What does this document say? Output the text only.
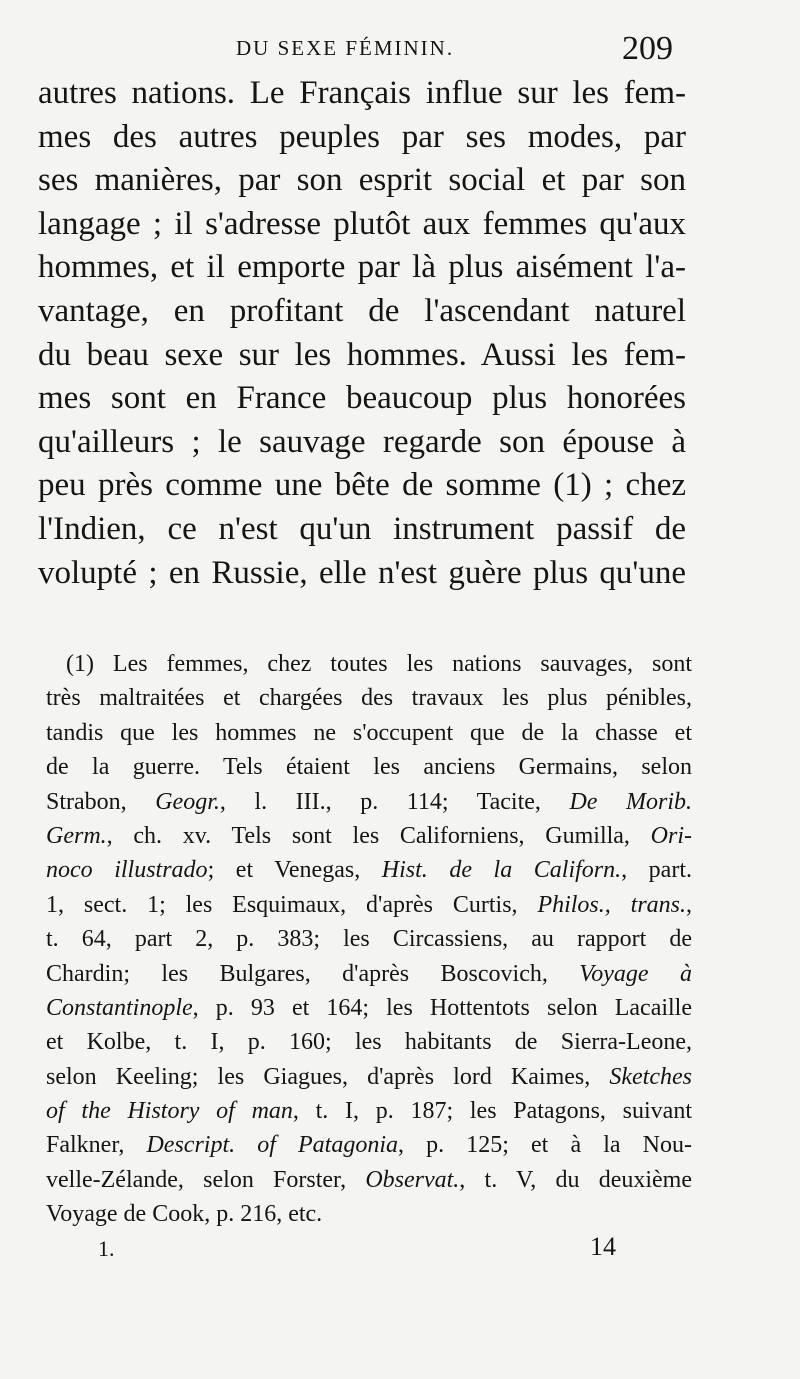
DU SEXE FÉMININ.	209
autres nations. Le Français influe sur les fem-
mes des autres peuples par ses modes, par
ses manières, par son esprit social et par son
langage ; il s'adresse plutôt aux femmes qu'aux
hommes, et il emporte par là plus aisément l'a-
vantage, en profitant de l'ascendant naturel
du beau sexe sur les hommes. Aussi les fem-
mes sont en France beaucoup plus honorées
qu'ailleurs ; le sauvage regarde son épouse à
peu près comme une bête de somme (1) ; chez
l'Indien, ce n'est qu'un instrument passif de
volupté ; en Russie, elle n'est guère plus qu'une
(1) Les femmes, chez toutes les nations sauvages, sont
très maltraitées et chargées des travaux les plus pénibles,
tandis que les hommes ne s'occupent que de la chasse et
de la guerre. Tels étaient les anciens Germains, selon
Strabon, Geogr., l. III., p. 114; Tacite, De Morib.
Germ., ch. xv. Tels sont les Californiens, Gumilla, Ori-
noco illustrado; et Venegas, Hist. de la Californ., part.
1, sect. 1; les Esquimaux, d'après Curtis, Philos., trans.,
t. 64, part 2, p. 383; les Circassiens, au rapport de
Chardin; les Bulgares, d'après Boscovich, Voyage à
Constantinople, p. 93 et 164; les Hottentots selon Lacaille
et Kolbe, t. I, p. 160; les habitants de Sierra-Leone,
selon Keeling; les Giagues, d'après lord Kaimes, Sketches
of the History of man, t. I, p. 187; les Patagons, suivant
Falkner, Descript. of Patagonia, p. 125; et à la Nou-
velle-Zélande, selon Forster, Observat., t. V, du deuxième
Voyage de Cook, p. 216, etc.
1.	14
